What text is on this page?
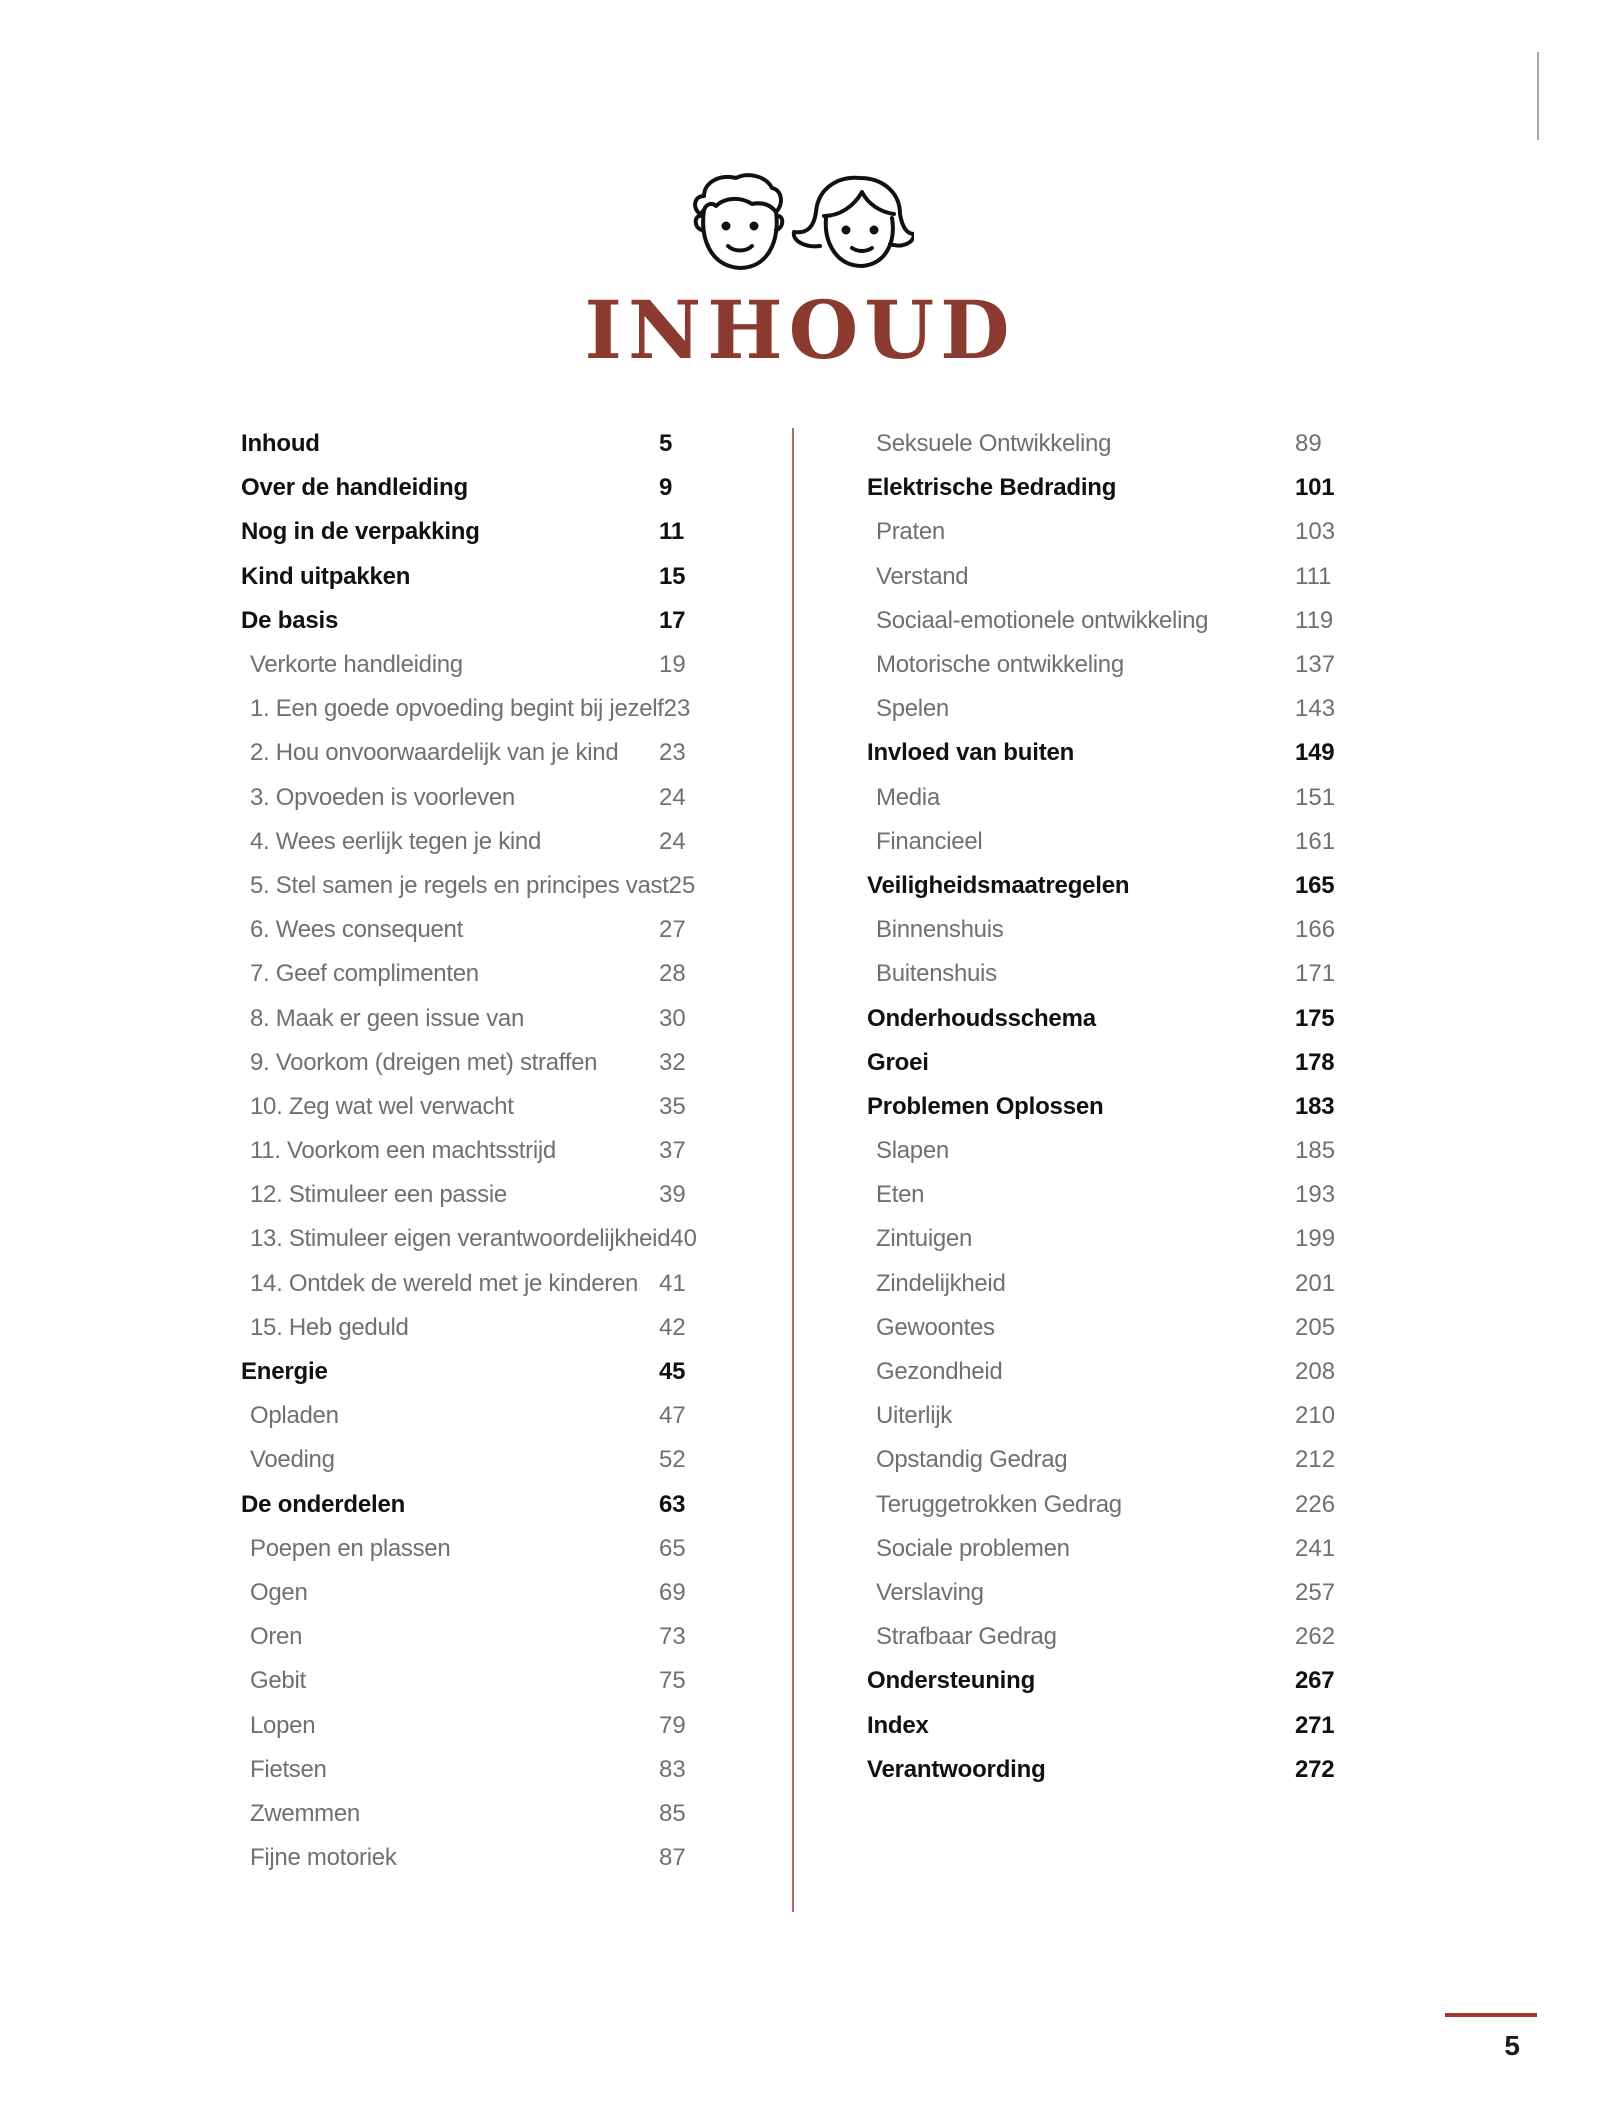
INHOUD
Inhoud	5
Over de handleiding	9
Nog in de verpakking	11
Kind uitpakken	15
De basis	17
Verkorte handleiding	19
1. Een goede opvoeding begint bij jezelf 23
2. Hou onvoorwaardelijk van je kind	23
3. Opvoeden is voorleven	24
4. Wees eerlijk tegen je kind	24
5. Stel samen je regels en principes vast 25
6. Wees consequent	27
7. Geef complimenten	28
8. Maak er geen issue van	30
9. Voorkom (dreigen met) straffen	32
10. Zeg wat wel verwacht	35
11. Voorkom een machtsstrijd	37
12. Stimuleer een passie	39
13. Stimuleer eigen verantwoordelijkheid 40
14. Ontdek de wereld met je kinderen 41
15. Heb geduld	42
Energie	45
Opladen	47
Voeding	52
De onderdelen	63
Poepen en plassen	65
Ogen	69
Oren	73
Gebit	75
Lopen	79
Fietsen	83
Zwemmen	85
Fijne motoriek	87
Seksuele Ontwikkeling	89
Elektrische Bedrading	101
Praten	103
Verstand	111
Sociaal-emotionele ontwikkeling	119
Motorische ontwikkeling	137
Spelen	143
Invloed van buiten	149
Media	151
Financieel	161
Veiligheidsmaatregelen	165
Binnenshuis	166
Buitenshuis	171
Onderhoudsschema	175
Groei	178
Problemen Oplossen	183
Slapen	185
Eten	193
Zintuigen	199
Zindelijkheid	201
Gewoontes	205
Gezondheid	208
Uiterlijk	210
Opstandig Gedrag	212
Teruggetrokken Gedrag	226
Sociale problemen	241
Verslaving	257
Strafbaar Gedrag	262
Ondersteuning	267
Index	271
Verantwoording	272
5
